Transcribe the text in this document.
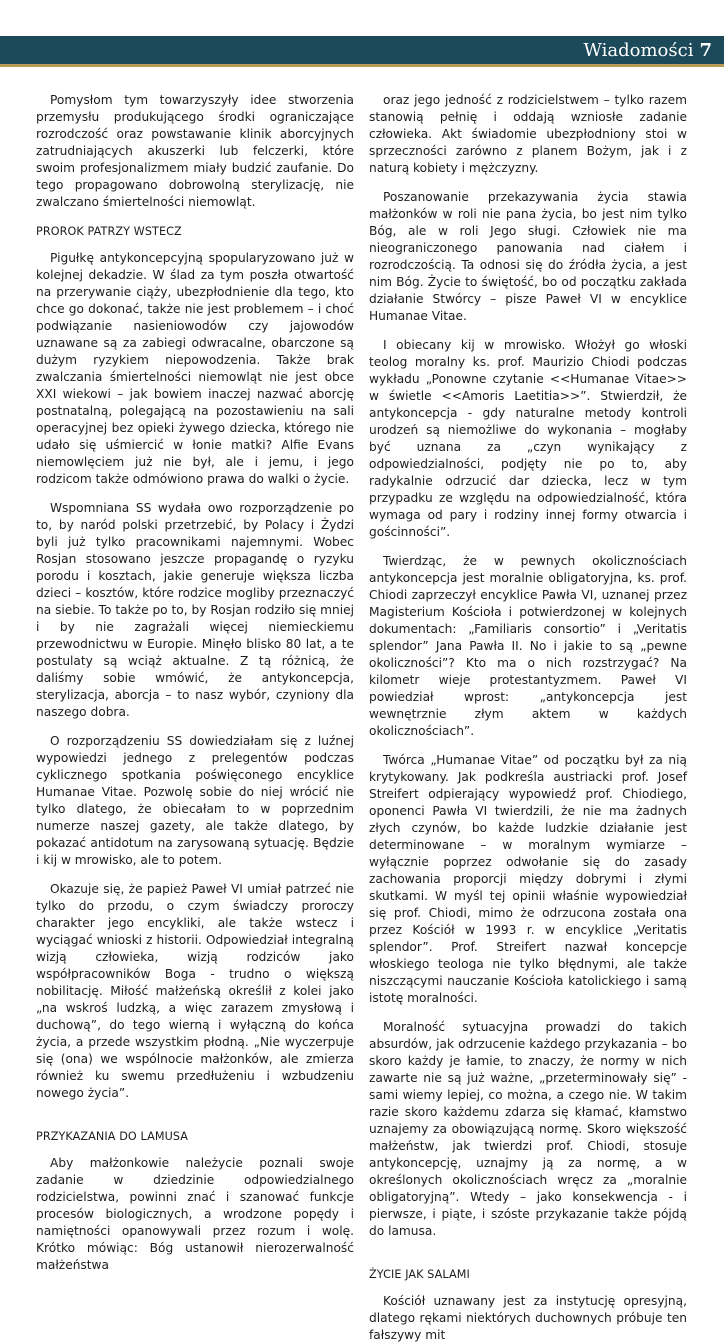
Wiadomości 7

Pomysłom tym towarzyszyły idee stworzenia przemysłu produkującego środki ograniczające rozrodczość oraz powstawanie klinik aborcyjnych zatrudniających akuszerki lub felczerki, które swoim profesjonalizmem miały budzić zaufanie. Do tego propagowano dobrowolną sterylizację, nie zwalczano śmiertelności niemowląt.

PROROK PATRZY WSTECZ

Pigułkę antykoncepcyjną spopularyzowano już w kolejnej dekadzie. W ślad za tym poszła otwartość na przerywanie ciąży, ubezpłodnienie dla tego, kto chce go dokonać, także nie jest problemem – i choć podwiązanie nasieniowodów czy jajowodów uznawane są za zabiegi odwracalne, obarczone są dużym ryzykiem niepowodzenia. Także brak zwalczania śmiertelności niemowląt nie jest obce XXI wiekowi – jak bowiem inaczej nazwać aborcję postnatalną, polegającą na pozostawieniu na sali operacyjnej bez opieki żywego dziecka, którego nie udało się uśmiercić w łonie matki? Alfie Evans niemowlęciem już nie był, ale i jemu, i jego rodzicom także odmówiono prawa do walki o życie.

Wspomniana SS wydała owo rozporządzenie po to, by naród polski przetrzebić, by Polacy i Żydzi byli już tylko pracownikami najemnymi. Wobec Rosjan stosowano jeszcze propagandę o ryzyku porodu i kosztach, jakie generuje większa liczba dzieci – kosztów, które rodzice mogliby przeznaczyć na siebie. To także po to, by Rosjan rodziło się mniej i by nie zagrażali więcej niemieckiemu przewodnictwu w Europie. Minęło blisko 80 lat, a te postulaty są wciąż aktualne. Z tą różnicą, że daliśmy sobie wmówić, że antykoncepcja, sterylizacja, aborcja – to nasz wybór, czyniony dla naszego dobra.

O rozporządzeniu SS dowiedziałam się z luźnej wypowiedzi jednego z prelegentów podczas cyklicznego spotkania poświęconego encyklice Humanae Vitae. Pozwolę sobie do niej wrócić nie tylko dlatego, że obiecałam to w poprzednim numerze naszej gazety, ale także dlatego, by pokazać antidotum na zarysowaną sytuację. Będzie i kij w mrowisko, ale to potem.

Okazuje się, że papież Paweł VI umiał patrzeć nie tylko do przodu, o czym świadczy proroczy charakter jego encykliki, ale także wstecz i wyciągać wnioski z historii. Odpowiedział integralną wizją człowieka, wizją rodziców jako współpracowników Boga - trudno o większą nobilitację. Miłość małżeńską określił z kolei jako „na wskroś ludzką, a więc zarazem zmysłową i duchową”, do tego wierną i wyłączną do końca życia, a przede wszystkim płodną. „Nie wyczerpuje się (ona) we wspólnocie małżonków, ale zmierza również ku swemu przedłużeniu i wzbudzeniu nowego życia”.

PRZYKAZANIA DO LAMUSA

Aby małżonkowie należycie poznali swoje zadanie w dziedzinie odpowiedzialnego rodzicielstwa, powinni znać i szanować funkcje procesów biologicznych, a wrodzone popędy i namiętności opanowywali przez rozum i wolę. Krótko mówiąc: Bóg ustanowił nierozerwalność małżeństwa

oraz jego jedność z rodzicielstwem – tylko razem stanowią pełnię i oddają wzniosłe zadanie człowieka. Akt świadomie ubezpłodniony stoi w sprzeczności zarówno z planem Bożym, jak i z naturą kobiety i mężczyzny.

Poszanowanie przekazywania życia stawia małżonków w roli nie pana życia, bo jest nim tylko Bóg, ale w roli Jego sługi. Człowiek nie ma nieograniczonego panowania nad ciałem i rozrodczością. Ta odnosi się do źródła życia, a jest nim Bóg. Życie to świętość, bo od początku zakłada działanie Stwórcy – pisze Paweł VI w encyklice Humanae Vitae.

I obiecany kij w mrowisko. Włożył go włoski teolog moralny ks. prof. Maurizio Chiodi podczas wykładu „Ponowne czytanie <<Humanae Vitae>> w świetle <<Amoris Laetitia>>”. Stwierdził, że antykoncepcja - gdy naturalne metody kontroli urodzeń są niemożliwe do wykonania – mogłaby być uznana za „czyn wynikający z odpowiedzialności, podjęty nie po to, aby radykalnie odrzucić dar dziecka, lecz w tym przypadku ze względu na odpowiedzialność, która wymaga od pary i rodziny innej formy otwarcia i gościnności”.

Twierdząc, że w pewnych okolicznościach antykoncepcja jest moralnie obligatoryjna, ks. prof. Chiodi zaprzeczył encyklice Pawła VI, uznanej przez Magisterium Kościoła i potwierdzonej w kolejnych dokumentach: „Familiaris consortio” i „Veritatis splendor” Jana Pawła II. No i jakie to są „pewne okoliczności”? Kto ma o nich rozstrzygać? Na kilometr wieje protestantyzmem. Paweł VI powiedział wprost: „antykoncepcja jest wewnętrznie złym aktem w każdych okolicznościach”.

Twórca „Humanae Vitae” od początku był za nią krytykowany. Jak podkreśla austriacki prof. Josef Streifert odpierający wypowiedź prof. Chiodiego, oponenci Pawła VI twierdzili, że nie ma żadnych złych czynów, bo każde ludzkie działanie jest determinowane – w moralnym wymiarze – wyłącznie poprzez odwołanie się do zasady zachowania proporcji między dobrymi i złymi skutkami. W myśl tej opinii właśnie wypowiedział się prof. Chiodi, mimo że odrzucona została ona przez Kościół w 1993 r. w encyklice „Veritatis splendor”. Prof. Streifert nazwał koncepcje włoskiego teologa nie tylko błędnymi, ale także niszczącymi nauczanie Kościoła katolickiego i samą istotę moralności.

Moralność sytuacyjna prowadzi do takich absurdów, jak odrzucenie każdego przykazania – bo skoro każdy je łamie, to znaczy, że normy w nich zawarte nie są już ważne, „przeterminowały się” - sami wiemy lepiej, co można, a czego nie. W takim razie skoro każdemu zdarza się kłamać, kłamstwo uznajemy za obowiązującą normę. Skoro większość małżeństw, jak twierdzi prof. Chiodi, stosuje antykoncepcję, uznajmy ją za normę, a w określonych okolicznościach wręcz za „moralnie obligatoryjną”. Wtedy – jako konsekwencja - i pierwsze, i piąte, i szóste przykazanie także pójdą do lamusa.

ŻYCIE JAK SALAMI

Kościół uznawany jest za instytucję opresyjną, dlatego rękami niektórych duchownych próbuje ten fałszywy mit
